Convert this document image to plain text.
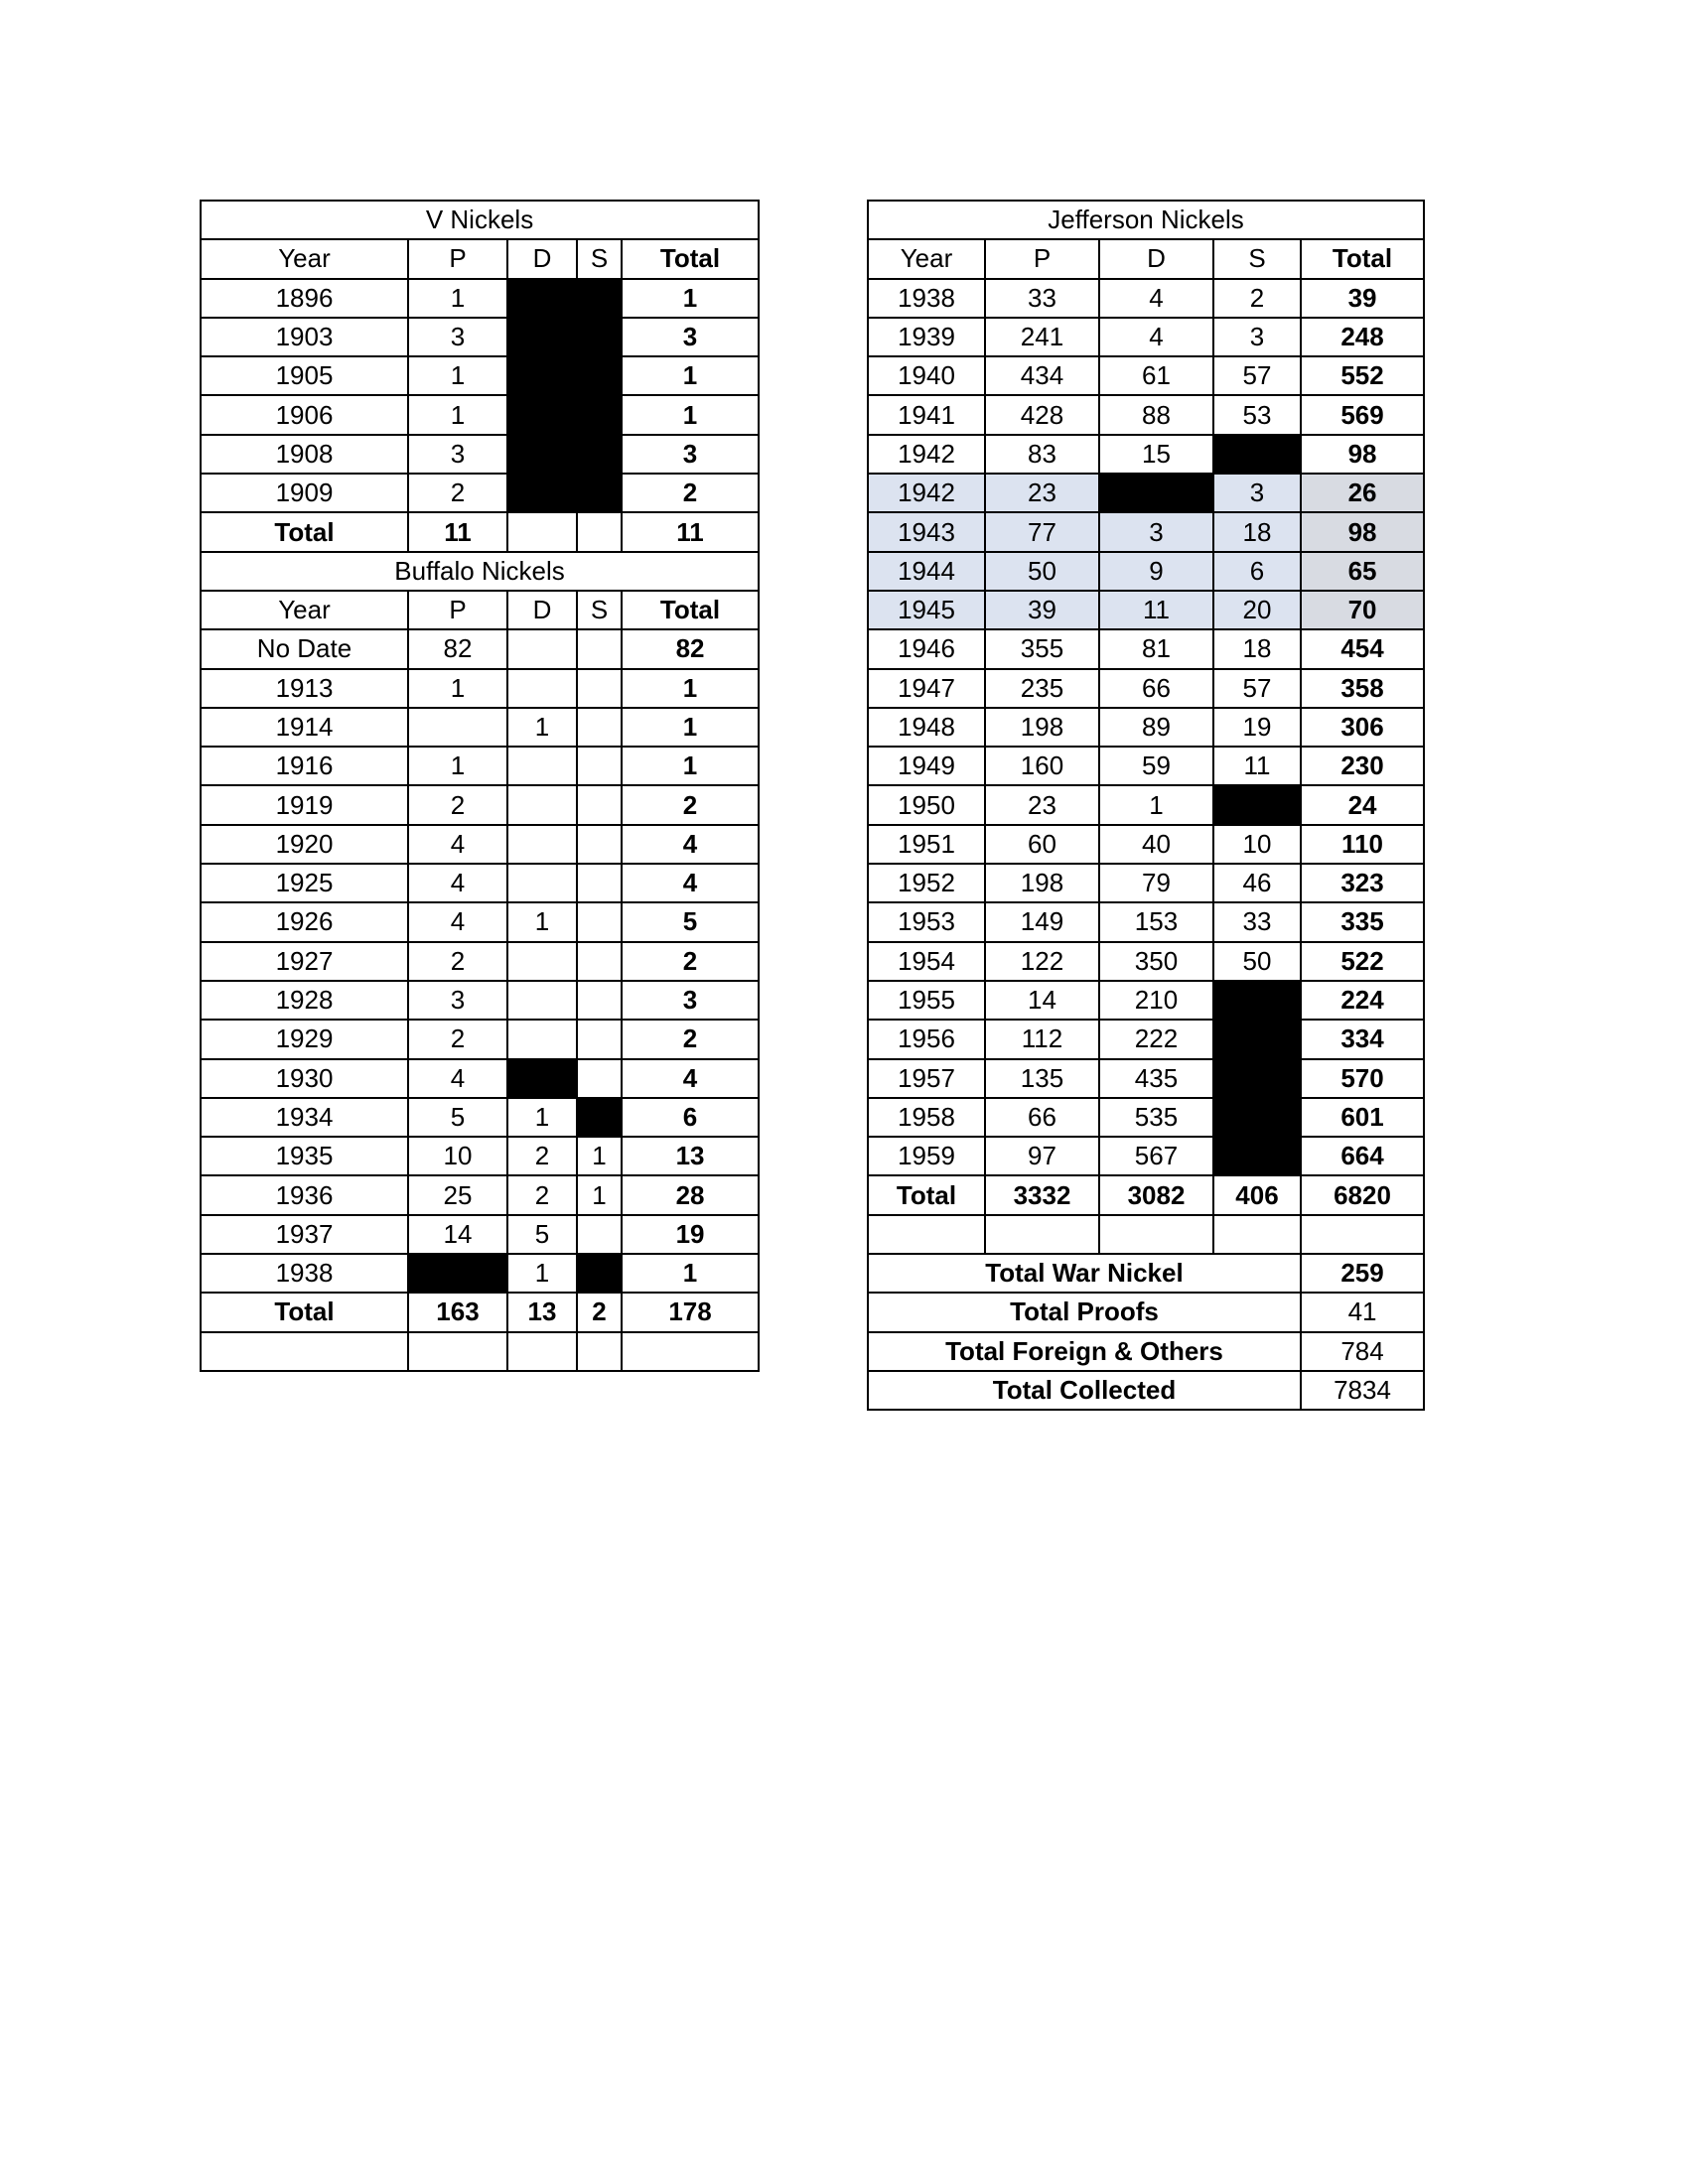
V Nickels				
Year	P	D	S	Total
1896	1			1
1903	3			3
1905	1			1
1906	1			1
1908	3			3
1909	2			2
Total	11			11
Buffalo Nickels				
Year	P	D	S	Total
No Date	82			82
1913	1			1
1914		1		1
1916	1			1
1919	2			2
1920	4			4
1925	4			4
1926	4	1		5
1927	2			2
1928	3			3
1929	2			2
1930	4			4
1934	5	1		6
1935	10	2	1	13
1936	25	2	1	28
1937	14	5		19
1938		1		1
Total	163	13	2	178

Jefferson Nickels				
Year	P	D	S	Total
1938	33	4	2	39
1939	241	4	3	248
1940	434	61	57	552
1941	428	88	53	569
1942	83	15		98
1942	23		3	26
1943	77	3	18	98
1944	50	9	6	65
1945	39	11	20	70
1946	355	81	18	454
1947	235	66	57	358
1948	198	89	19	306
1949	160	59	11	230
1950	23	1		24
1951	60	40	10	110
1952	198	79	46	323
1953	149	153	33	335
1954	122	350	50	522
1955	14	210		224
1956	112	222		334
1957	135	435		570
1958	66	535		601
1959	97	567		664
Total	3332	3082	406	6820

Total War Nickel				259
Total Proofs				41
Total Foreign & Others				784
Total Collected				7834
